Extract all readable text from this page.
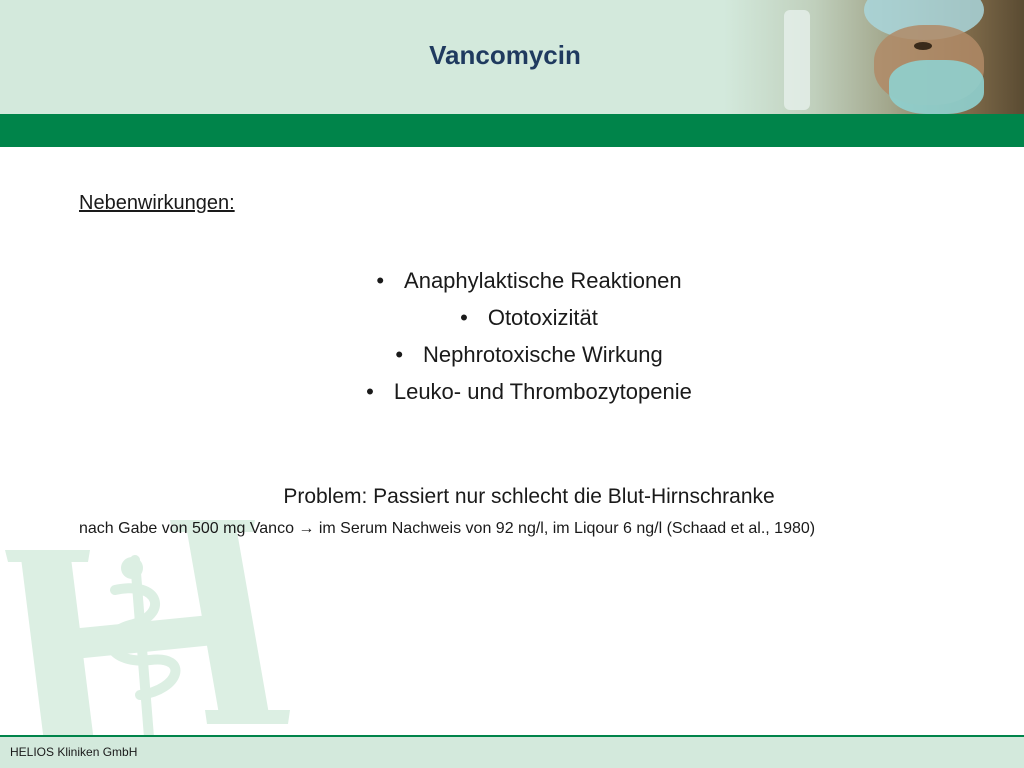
Vancomycin
Nebenwirkungen:
• Anaphylaktische Reaktionen
• Ototoxizität
• Nephrotoxische Wirkung
• Leuko- und Thrombozytopenie
Problem: Passiert nur schlecht die Blut-Hirnschranke
nach Gabe von 500 mg Vanco → im Serum Nachweis von 92 ng/l, im Liqour 6 ng/l (Schaad et al., 1980)
HELIOS Kliniken GmbH
